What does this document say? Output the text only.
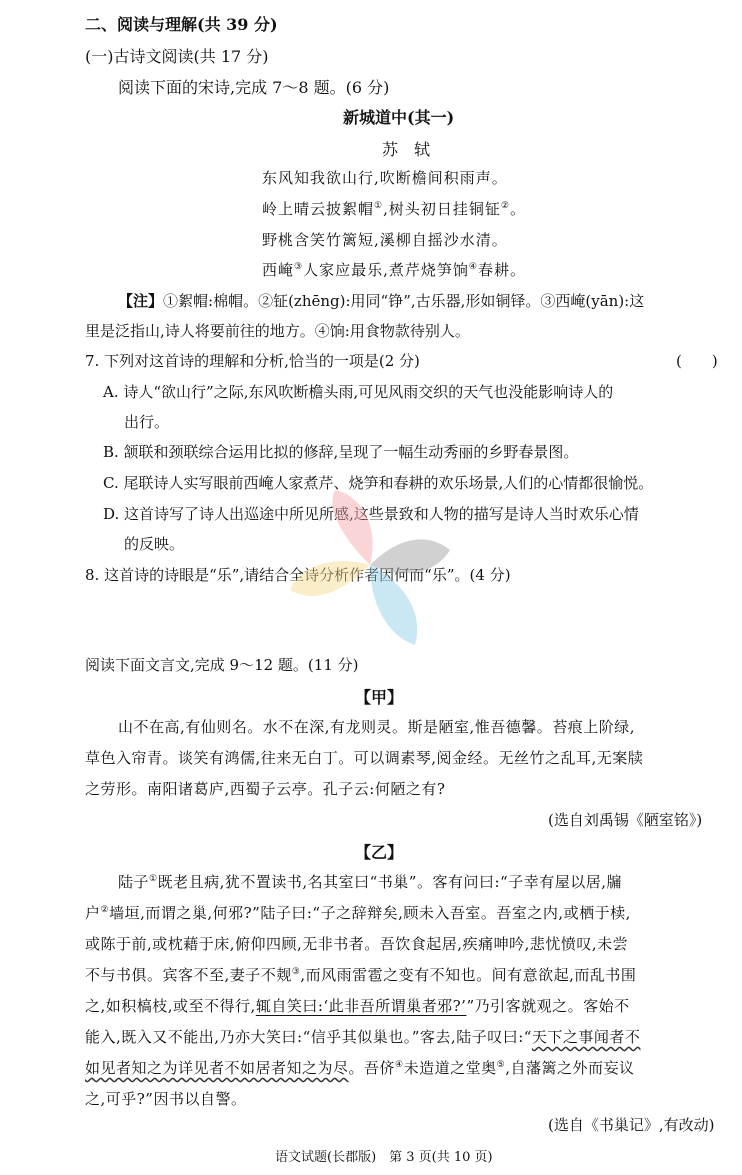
二、阅读与理解(共 39 分)
(一)古诗文阅读(共 17 分)
阅读下面的宋诗,完成 7～8 题。(6 分)
新城道中(其一)
苏　轼
东风知我欲山行,吹断檐间积雨声。
岭上晴云披絮帽①,树头初日挂铜钲②。
野桃含笑竹篱短,溪柳自摇沙水清。
西崦③人家应最乐,煮芹烧笋饷④春耕。
【注】①絮帽:棉帽。②钲(zhēng):用同“铮”,古乐器,形如铜铎。③西崦(yān):这
里是泛指山,诗人将要前往的地方。④饷:用食物款待别人。
7. 下列对这首诗的理解和分析,恰当的一项是(2 分)	(　　)
A. 诗人“欲山行”之际,东风吹断檐头雨,可见风雨交织的天气也没能影响诗人的
出行。
B. 颔联和颈联综合运用比拟的修辞,呈现了一幅生动秀丽的乡野春景图。
C. 尾联诗人实写眼前西崦人家煮芹、烧笋和春耕的欢乐场景,人们的心情都很愉悦。
D. 这首诗写了诗人出巡途中所见所感,这些景致和人物的描写是诗人当时欢乐心情
的反映。
8. 这首诗的诗眼是“乐”,请结合全诗分析作者因何而“乐”。(4 分)
阅读下面文言文,完成 9～12 题。(11 分)
【甲】
山不在高,有仙则名。水不在深,有龙则灵。斯是陋室,惟吾德馨。苔痕上阶绿,
草色入帘青。谈笑有鸿儒,往来无白丁。可以调素琴,阅金经。无丝竹之乱耳,无案牍
之劳形。南阳诸葛庐,西蜀子云亭。孔子云:何陋之有?
(选自刘禹锡《陋室铭》)
【乙】
陆子①既老且病,犹不置读书,名其室曰“书巢”。客有问曰:“子幸有屋以居,牖
户②墙垣,而谓之巢,何邪?”陆子曰:“子之辞辩矣,顾未入吾室。吾室之内,或栖于椟,
或陈于前,或枕藉于床,俯仰四顾,无非书者。吾饮食起居,疾痛呻吟,悲忧愤叹,未尝
不与书俱。宾客不至,妻子不觌③,而风雨雷雹之变有不知也。间有意欲起,而乱书围
之,如积槁枝,或至不得行,辄自笑曰:‘此非吾所谓巢者邪?’”乃引客就观之。客始不
能入,既入又不能出,乃亦大笑曰:“信乎其似巢也。”客去,陆子叹曰:“天下之事闻者不
如见者知之为详见者不如居者知之为尽。吾侪④未造道之堂奥⑤,自藩篱之外而妄议
之,可乎?”因书以自警。
(选自《书巢记》,有改动)
语文试题(长郡版)　第 3 页(共 10 页)
